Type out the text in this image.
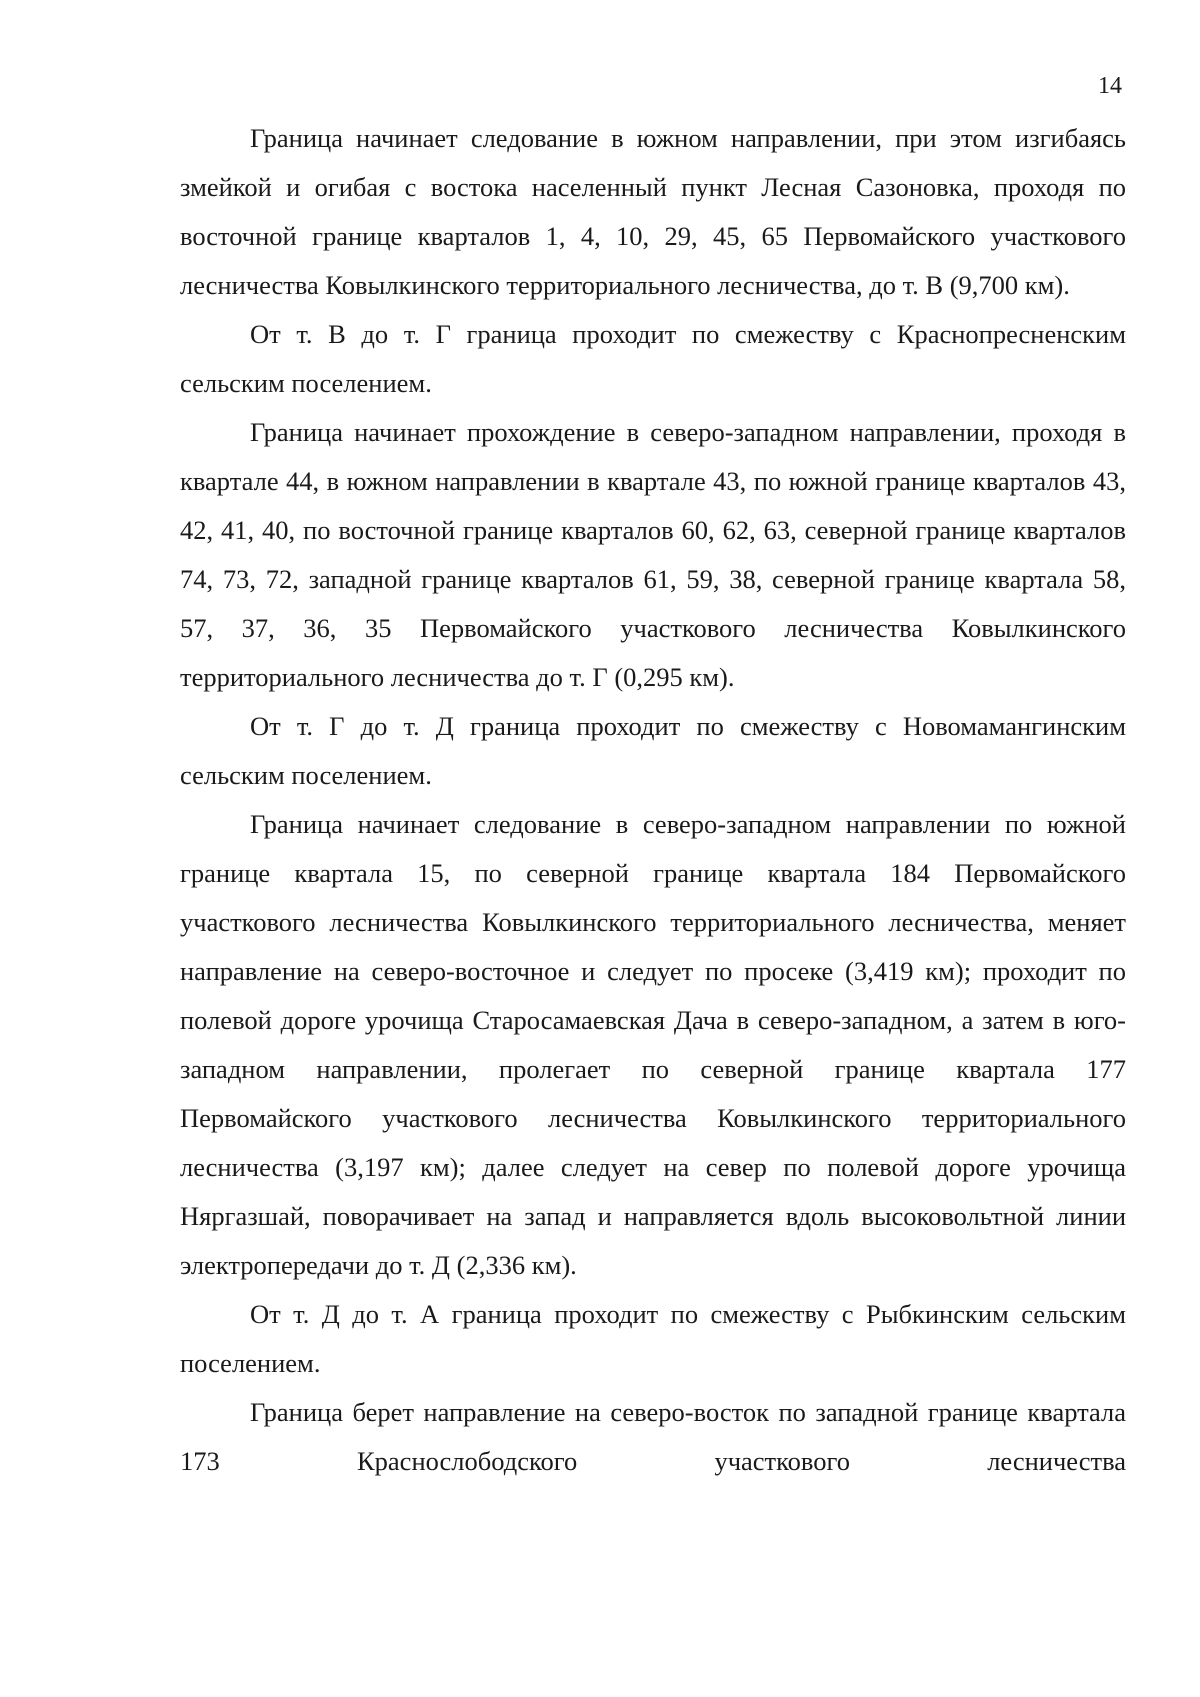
14

Граница начинает следование в южном направлении, при этом изгибаясь змейкой и огибая с востока населенный пункт Лесная Сазоновка, проходя по восточной границе кварталов 1, 4, 10, 29, 45, 65 Первомайского участкового лесничества Ковылкинского территориального лесничества, до т. В (9,700 км).

От т. В до т. Г граница проходит по смежеству с Краснопресненским сельским поселением.

Граница начинает прохождение в северо-западном направлении, проходя в квартале 44, в южном направлении в квартале 43, по южной границе кварталов 43, 42, 41, 40, по восточной границе кварталов 60, 62, 63, северной границе кварталов 74, 73, 72, западной границе кварталов 61, 59, 38, северной границе квартала 58, 57, 37, 36, 35 Первомайского участкового лесничества Ковылкинского территориального лесничества до т. Г (0,295 км).

От т. Г до т. Д граница проходит по смежеству с Новомамангинским сельским поселением.

Граница начинает следование в северо-западном направлении по южной границе квартала 15, по северной границе квартала 184 Первомайского участкового лесничества Ковылкинского территориального лесничества, меняет направление на северо-восточное и следует по просеке (3,419 км); проходит по полевой дороге урочища Старосамаевская Дача в северо-западном, а затем в юго-западном направлении, пролегает по северной границе квартала 177 Первомайского участкового лесничества Ковылкинского территориального лесничества (3,197 км); далее следует на север по полевой дороге урочища Няргазшай, поворачивает на запад и направляется вдоль высоковольтной линии электропередачи до т. Д (2,336 км).

От т. Д до т. А граница проходит по смежеству с Рыбкинским сельским поселением.

Граница берет направление на северо-восток по западной границе квартала 173 Краснослободского участкового лесничества
